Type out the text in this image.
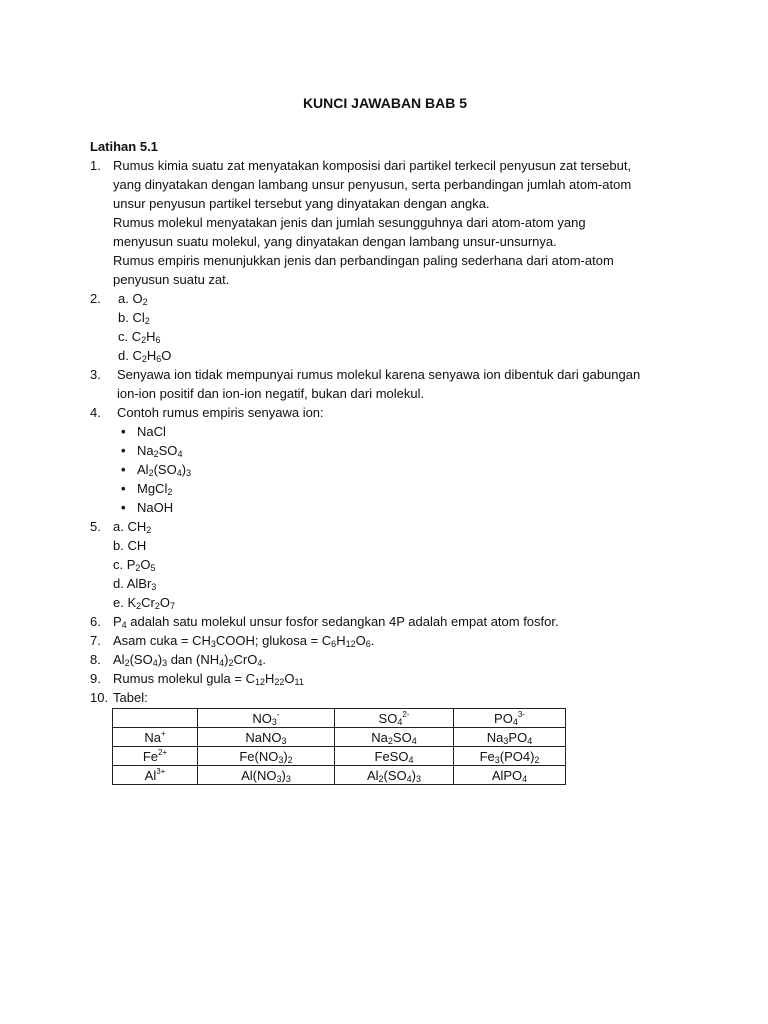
KUNCI JAWABAN BAB 5
Latihan 5.1
1. Rumus kimia suatu zat menyatakan komposisi dari partikel terkecil penyusun zat tersebut,
yang dinyatakan dengan lambang unsur penyusun, serta perbandingan jumlah atom-atom
unsur penyusun partikel tersebut yang dinyatakan dengan angka.
Rumus molekul menyatakan jenis dan jumlah sesungguhnya dari atom-atom yang
menyusun suatu molekul, yang dinyatakan dengan lambang unsur-unsurnya.
Rumus empiris menunjukkan jenis dan perbandingan paling sederhana dari atom-atom
penyusun suatu zat.
2.	a. $O_2$
b. $Cl_2$
c. $C_2H_6$
d. $C_2H_6O$
3.	Senyawa ion tidak mempunyai rumus molekul karena senyawa ion dibentuk dari gabungan
ion-ion positif dan ion-ion negatif, bukan dari molekul.
4.	Contoh rumus empiris senyawa ion:
• NaCl
• $Na_2SO_4$
• $Al_2(SO_4)_3$
• MgCl$_2$
• NaOH
5. a. $CH_2$
b. CH
c. $P_2O_5$
d. AlBr$_3$
e. $K_2Cr_2O_7$
6. $P_4$ adalah satu molekul unsur fosfor sedangkan 4P adalah empat atom fosfor.
7. Asam cuka = $CH_3COOH$; glukosa = $C_6H_{12}O_6$.
8. $Al_2(SO_4)_3$ dan $(NH_4)_2CrO_4$.
9. Rumus molekul gula = $C_{12}H_{22}O_{11}$
10. Tabel:
	$NO_3^-$	$SO_4^{2-}$	$PO_4^{3-}$
Na+	NaNO$_3$	$Na_2SO_4$	$Na_3PO_4$
$Fe^{2+}$	$Fe(NO_3)_2$	FeSO$_4$	$Fe_3(PO4)_2$
$Al^{3+}$	$Al(NO_3)_3$	$Al_2(SO_4)_3$	AlPO$_4$
